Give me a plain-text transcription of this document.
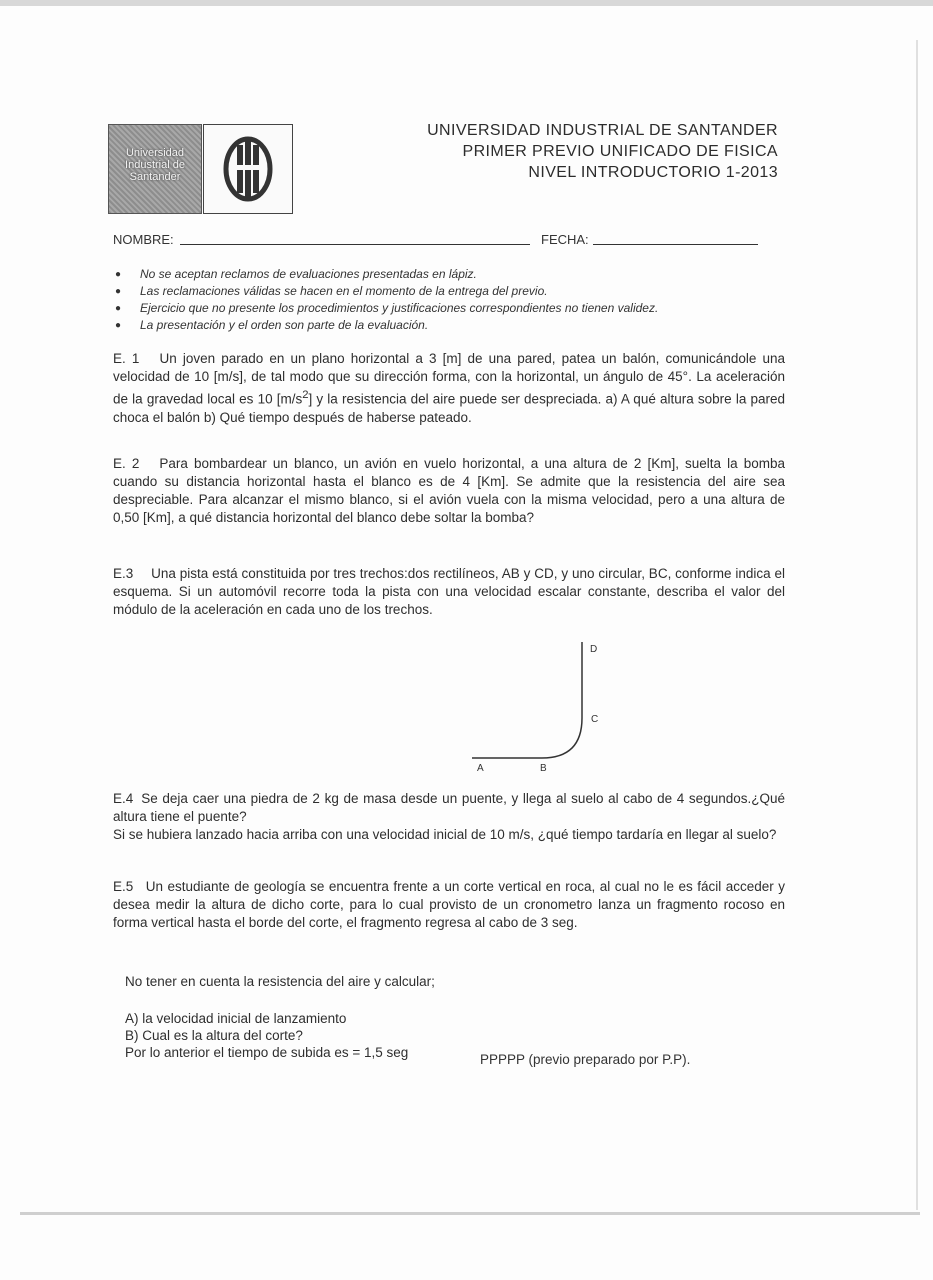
Universidad
Industrial de
Santander
UNIVERSIDAD INDUSTRIAL DE SANTANDER
PRIMER PREVIO UNIFICADO DE FISICA
NIVEL INTRODUCTORIO 1-2013
NOMBRE:	FECHA:
● No se aceptan reclamos de evaluaciones presentadas en lápiz.
● Las reclamaciones válidas se hacen en el momento de la entrega del previo.
● Ejercicio que no presente los procedimientos y justificaciones correspondientes no tienen validez.
● La presentación y el orden son parte de la evaluación.
E. 1 Un joven parado en un plano horizontal a 3 [m] de una pared, patea un balón, comunicándole una velocidad de 10 [m/s], de tal modo que su dirección forma, con la horizontal, un ángulo de 45°. La aceleración de la gravedad local es 10 $[m/s^2]$ y la resistencia del aire puede ser despreciada. a) A qué altura sobre la pared choca el balón b) Qué tiempo después de haberse pateado.
E. 2 Para bombardear un blanco, un avión en vuelo horizontal, a una altura de 2 [Km], suelta la bomba cuando su distancia horizontal hasta el blanco es de 4 [Km]. Se admite que la resistencia del aire sea despreciable. Para alcanzar el mismo blanco, si el avión vuela con la misma velocidad, pero a una altura de 0,50 [Km], a qué distancia horizontal del blanco debe soltar la bomba?
E.3 Una pista está constituida por tres trechos:dos rectilíneos, AB y CD, y uno circular, BC, conforme indica el esquema. Si un automóvil recorre toda la pista con una velocidad escalar constante, describa el valor del módulo de la aceleración en cada uno de los trechos.
A	B
C
D
E.4 Se deja caer una piedra de 2 kg de masa desde un puente, y llega al suelo al cabo de 4 segundos.¿Qué altura tiene el puente?
Si se hubiera lanzado hacia arriba con una velocidad inicial de 10 m/s, ¿qué tiempo tardaría en llegar al suelo?
E.5 Un estudiante de geología se encuentra frente a un corte vertical en roca, al cual no le es fácil acceder y desea medir la altura de dicho corte, para lo cual provisto de un cronometro lanza un fragmento rocoso en forma vertical hasta el borde del corte, el fragmento regresa al cabo de 3 seg.
No tener en cuenta la resistencia del aire y calcular;
A) la velocidad inicial de lanzamiento
B) Cual es la altura del corte?
Por lo anterior el tiempo de subida es = 1,5 seg	PPPPP (previo preparado por P.P).
